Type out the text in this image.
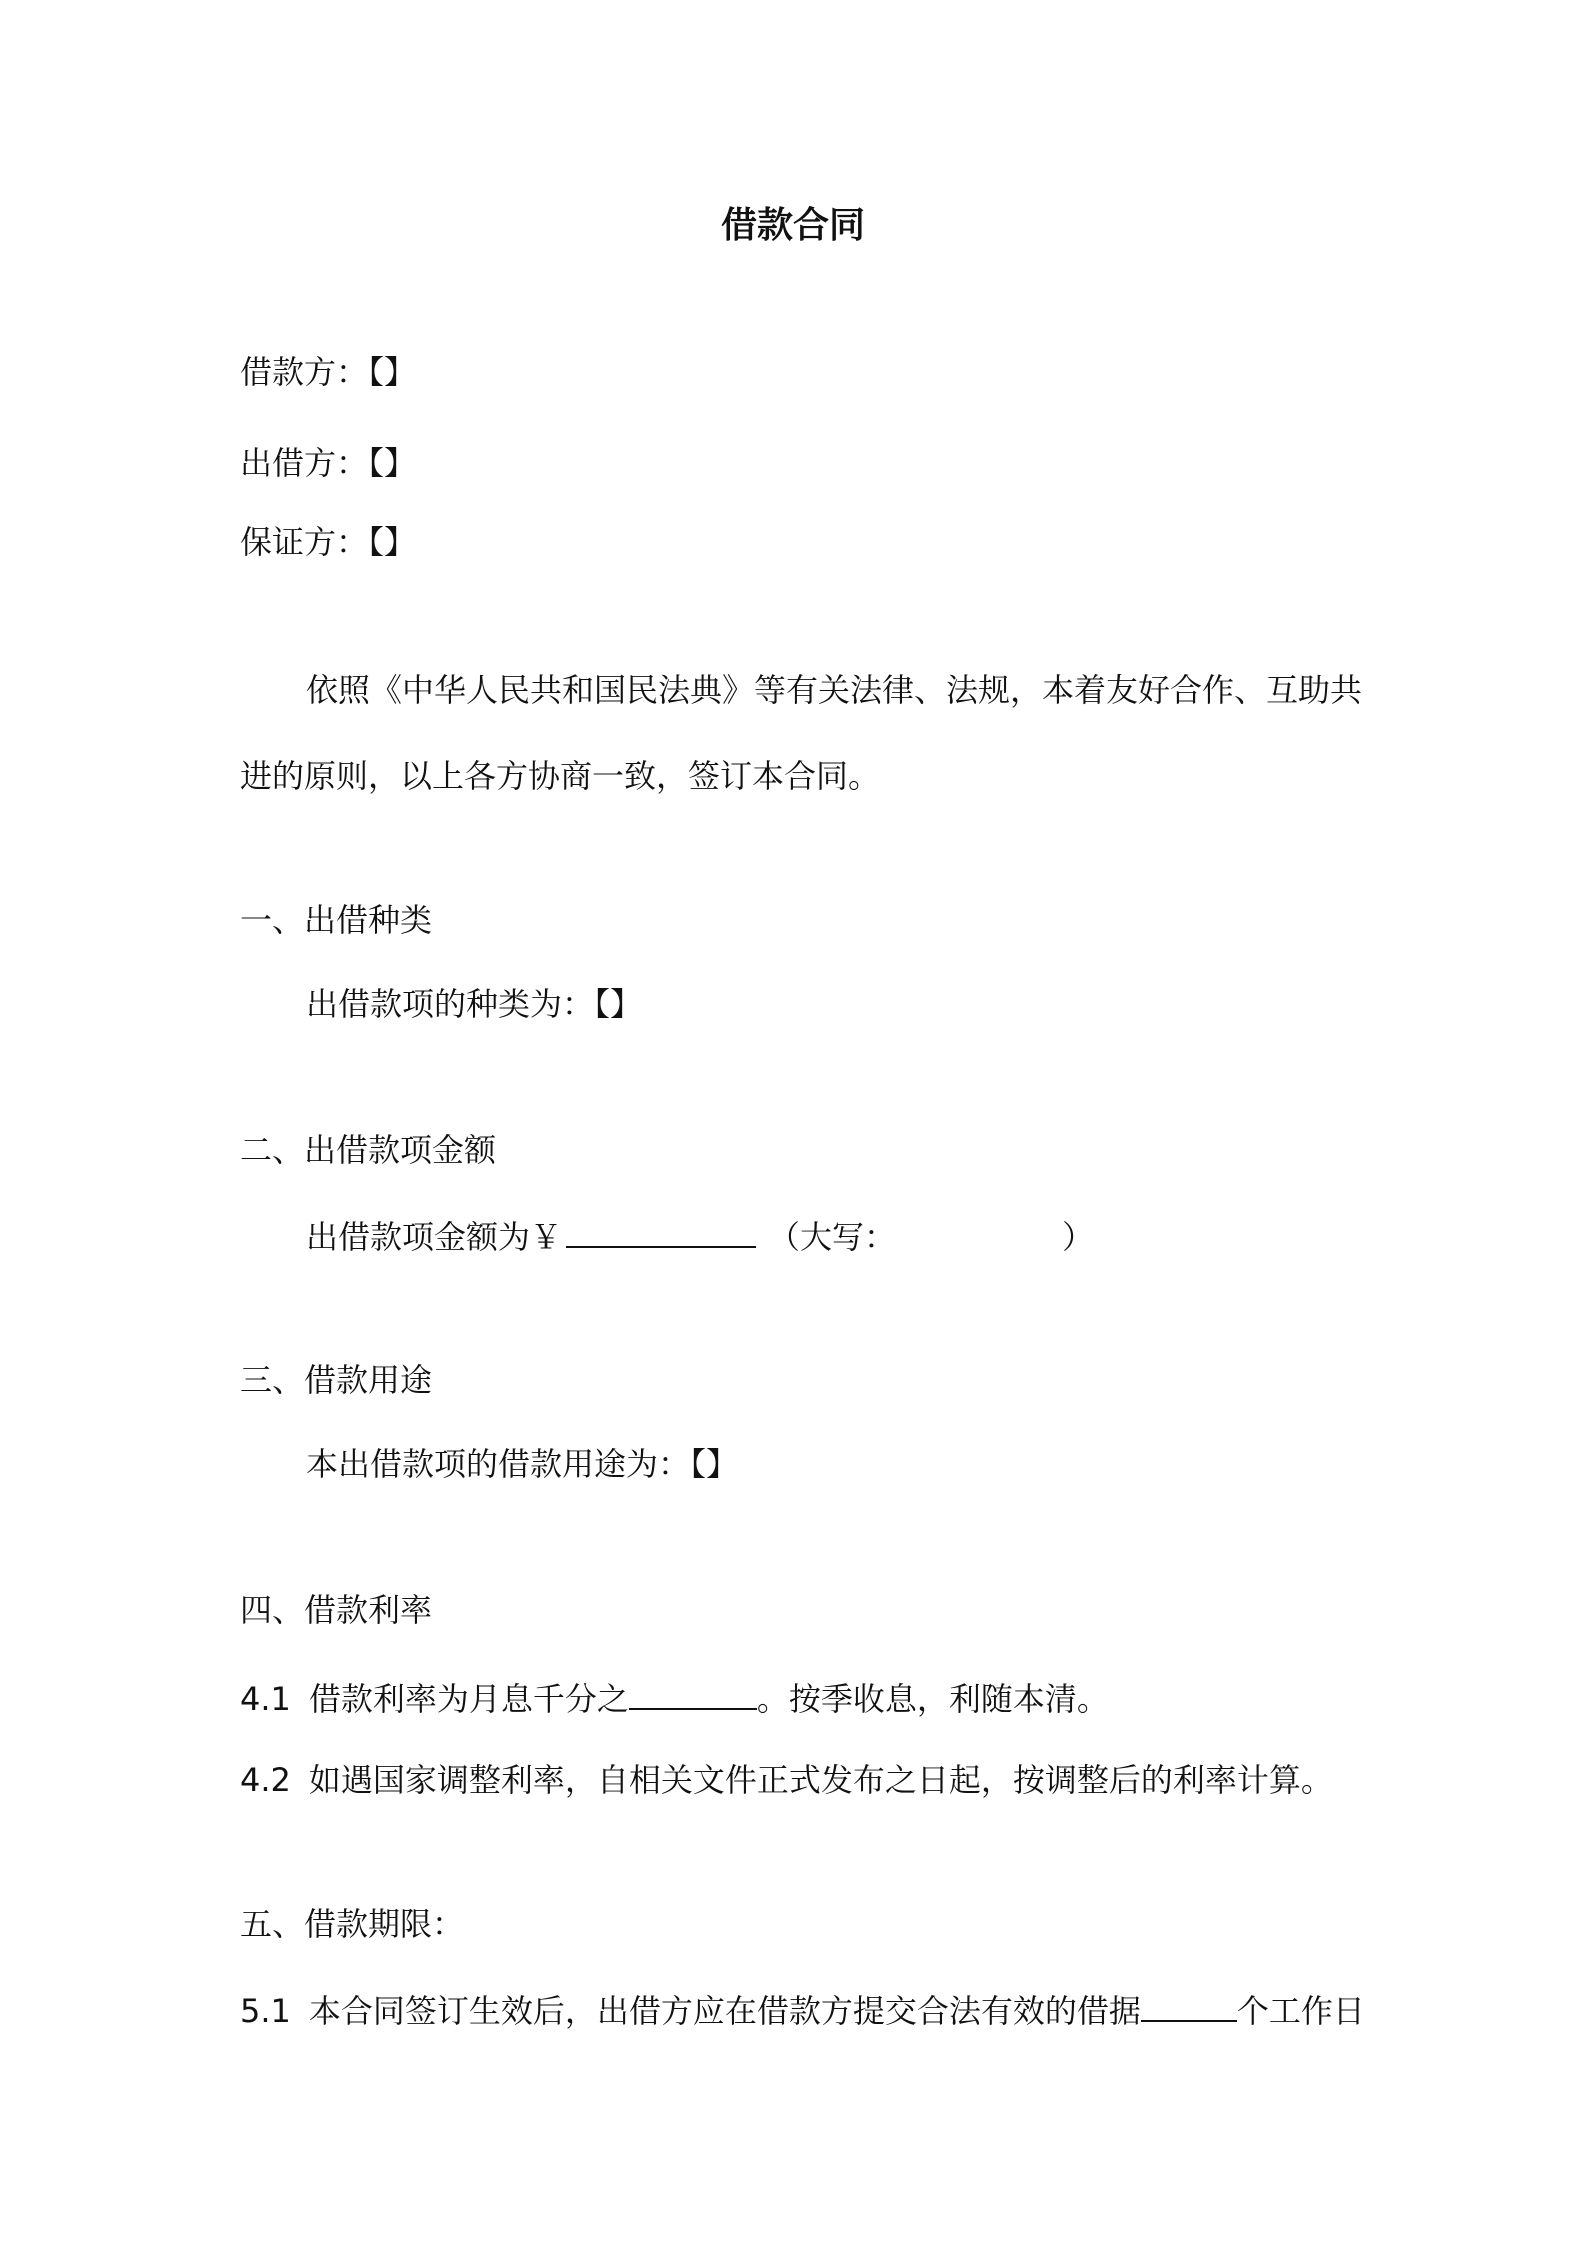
借款合同
借款方：【】
出借方：【】
保证方：【】
依照《中华人民共和国民法典》等有关法律、法规，本着友好合作、互助共
进的原则，以上各方协商一致，签订本合同。
一、出借种类
出借款项的种类为：【】
二、出借款项金额
出借款项金额为￥	（大写：	）
三、借款用途
本出借款项的借款用途为：【】
四、借款利率
4.1 借款利率为月息千分之	。按季收息，利随本清。
4.2 如遇国家调整利率，自相关文件正式发布之日起，按调整后的利率计算。
五、借款期限：
5.1 本合同签订生效后，出借方应在借款方提交合法有效的借据	个工作日
